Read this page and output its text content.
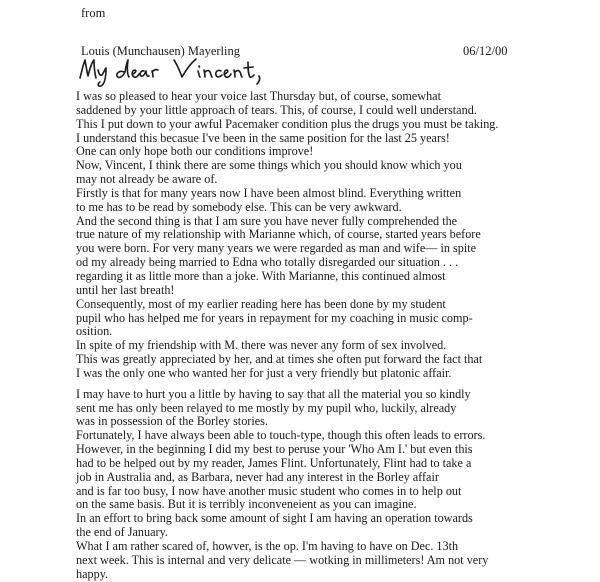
from
Louis (Munchausen) Mayerling	06/12/00
I was so pleased to hear your voice last Thursday but, of course, somewhat
saddened by your little approach of tears. This, of course, I could well understand.
This I put down to your awful Pacemaker condition plus the drugs you must be taking.
I understand this becasue I've been in the same position for the last 25 years!
One can only hope both our conditions improve!
Now, Vincent, I think there are some things which you should know which you
may not already be aware of.
Firstly is that for many years now I have been almost blind. Everything written
to me has to be read by somebody else. This can be very awkward.
And the second thing is that I am sure you have never fully comprehended the
true nature of my relationship with Marianne which, of course, started years before
you were born. For very many years we were regarded as man and wife— in spite
od my already being married to Edna who totally disregarded our situation . . .
regarding it as little more than a joke. With Marianne, this continued almost
until her last breath!
Consequently, most of my earlier reading here has been done by my student
pupil who has helped me for years in repayment for my coaching in music comp-
osition.
In spite of my friendship with M. there was never any form of sex involved.
This was greatly appreciated by her, and at times she often put forward the fact that
I was the only one who wanted her for just a very friendly but platonic affair.
I may have to hurt you a little by having to say that all the material you so kindly
sent me has only been relayed to me mostly by my pupil who, luckily, already
was in possession of the Borley stories.
Fortunately, I have always been able to touch-type, though this often leads to errors.
However, in the beginning I did my best to peruse your 'Who Am I.' but even this
had to be helped out by my reader, James Flint. Unfortunately, Flint had to take a
job in Australia and, as Barbara, never had any interest in the Borley affair
and is far too busy, I now have another music student who comes in to help out
on the same basis. But it is terribly inconveneient as you can imagine.
In an effort to bring back some amount of sight I am having an operation towards
the end of January.
What I am rather scared of, howver, is the op. I'm having to have on Dec. 13th
next week. This is internal and very delicate — wotking in millimeters! Am not very
happy.
